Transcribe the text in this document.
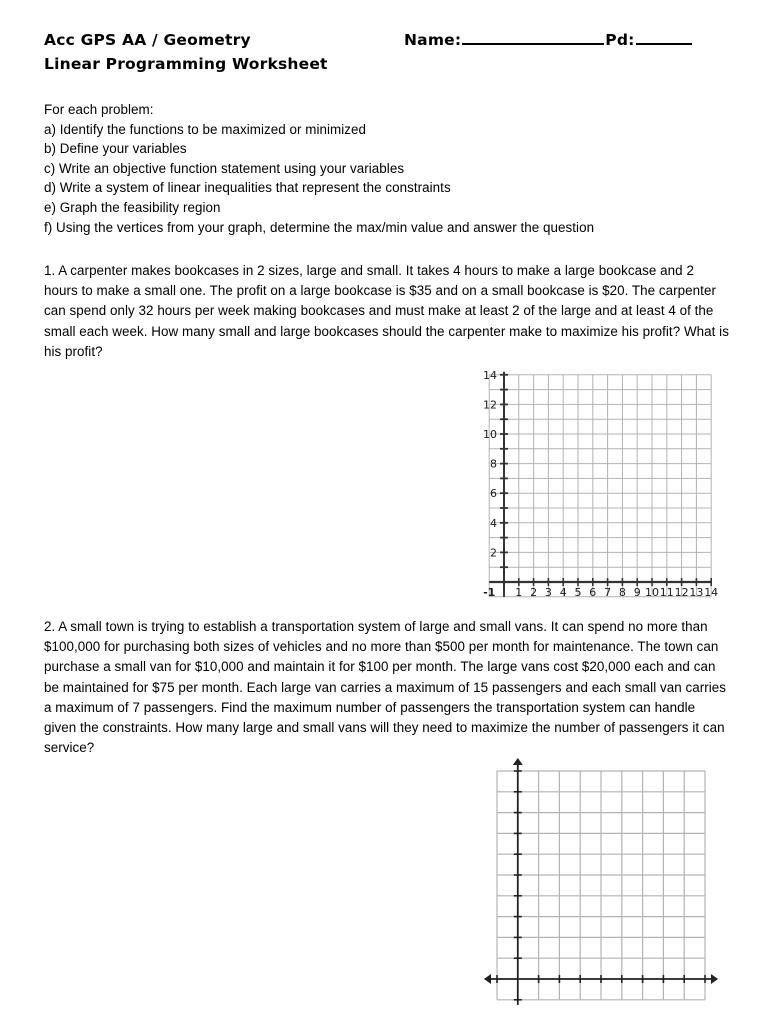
Acc GPS AA / Geometry
Linear Programming Worksheet
Name:	Pd:
For each problem:
a) Identify the functions to be maximized or minimized
b) Define your variables
c) Write an objective function statement using your variables
d) Write a system of linear inequalities that represent the constraints
e) Graph the feasibility region
f) Using the vertices from your graph, determine the max/min value and answer the question
1. A carpenter makes bookcases in 2 sizes, large and small. It takes 4 hours to make a large bookcase and 2 hours to make a small one. The profit on a large bookcase is $35 and on a small bookcase is $20. The carpenter can spend only 32 hours per week making bookcases and must make at least 2 of the large and at least 4 of the small each week. How many small and large bookcases should the carpenter make to maximize his profit? What is his profit?
2
4
6
8
10
12
14
-1 1 2 3 4 5 6 7 8 9 10 11 12 13 14
2. A small town is trying to establish a transportation system of large and small vans. It can spend no more than $100,000 for purchasing both sizes of vehicles and no more than $500 per month for maintenance. The town can purchase a small van for $10,000 and maintain it for $100 per month. The large vans cost $20,000 each and can be maintained for $75 per month. Each large van carries a maximum of 15 passengers and each small van carries a maximum of 7 passengers. Find the maximum number of passengers the transportation system can handle given the constraints. How many large and small vans will they need to maximize the number of passengers it can service?
